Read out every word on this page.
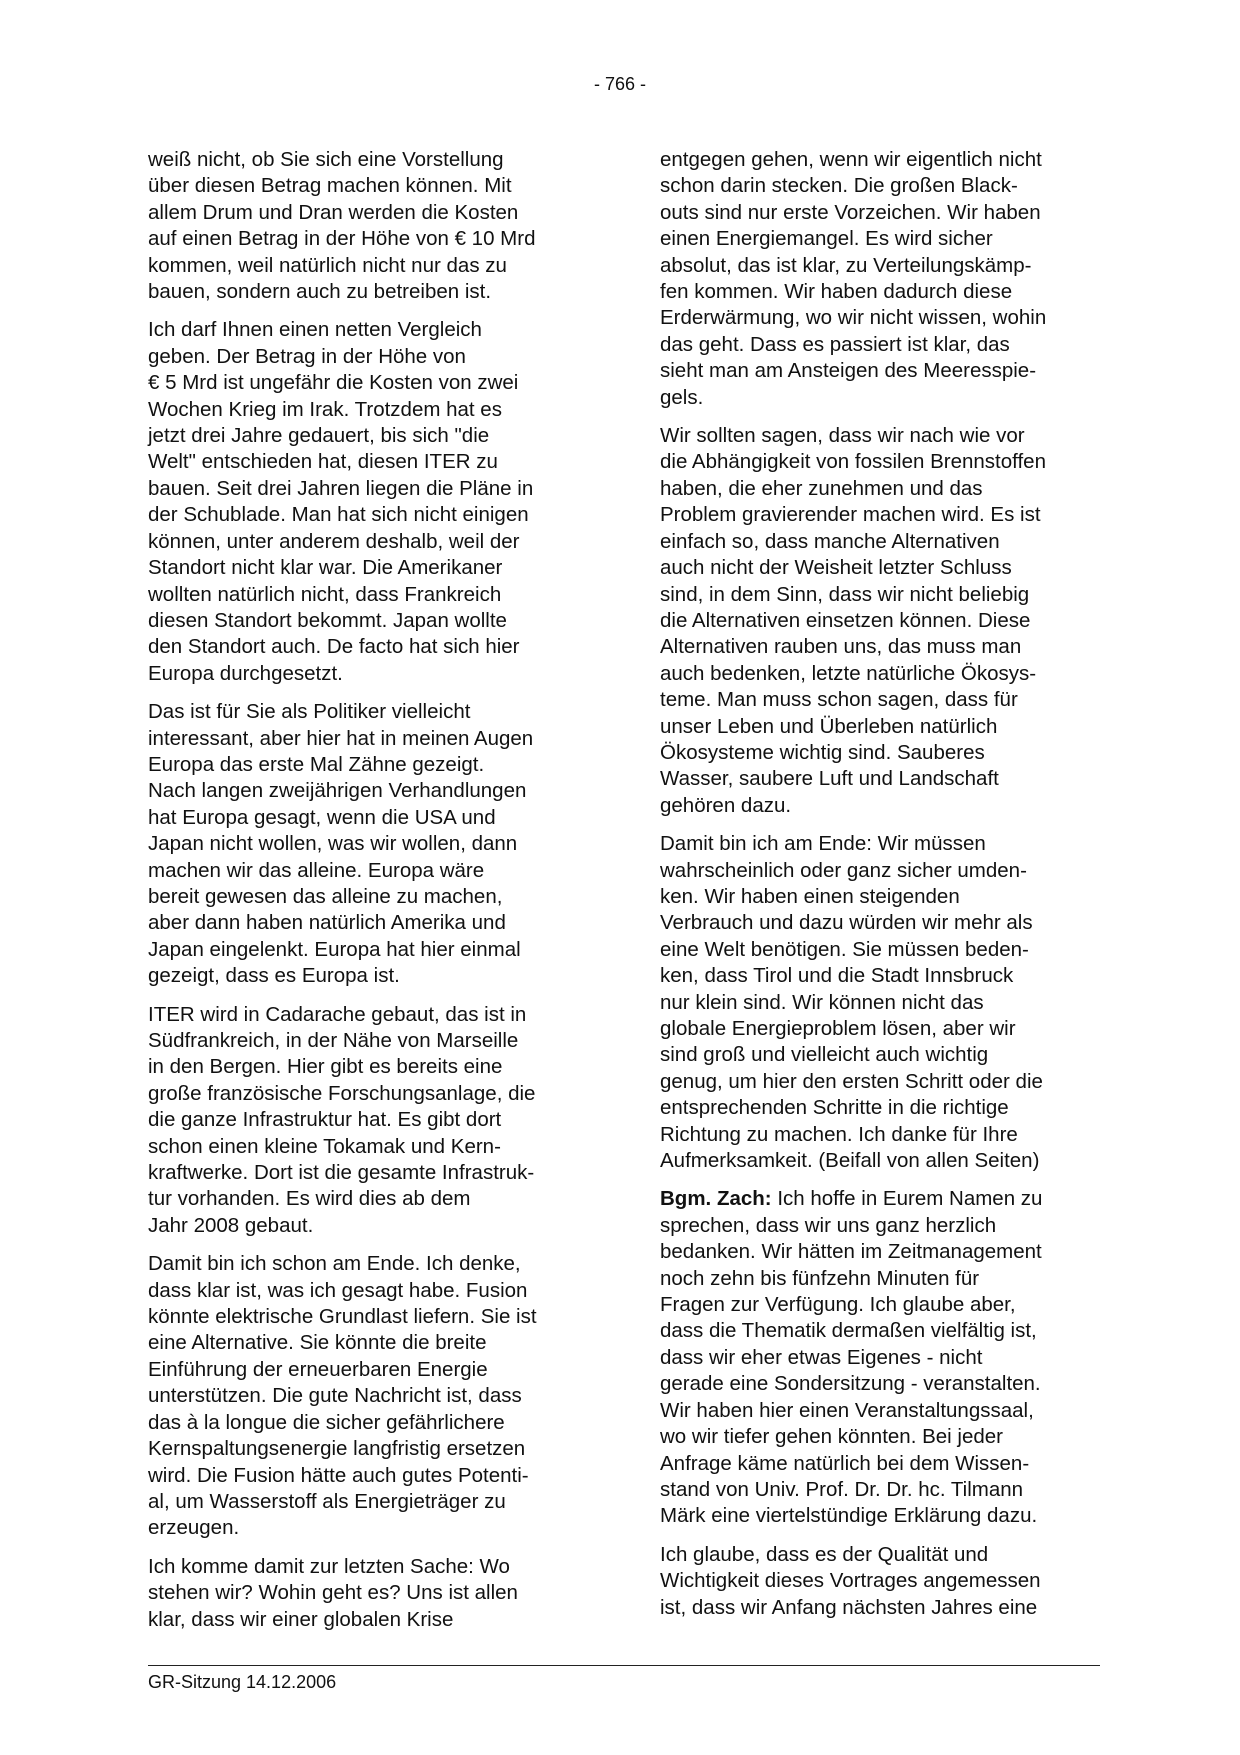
- 766 -

weiß nicht, ob Sie sich eine Vorstellung
über diesen Betrag machen können. Mit
allem Drum und Dran werden die Kosten
auf einen Betrag in der Höhe von € 10 Mrd
kommen, weil natürlich nicht nur das zu
bauen, sondern auch zu betreiben ist.

Ich darf Ihnen einen netten Vergleich
geben. Der Betrag in der Höhe von
€ 5 Mrd ist ungefähr die Kosten von zwei
Wochen Krieg im Irak. Trotzdem hat es
jetzt drei Jahre gedauert, bis sich "die
Welt" entschieden hat, diesen ITER zu
bauen. Seit drei Jahren liegen die Pläne in
der Schublade. Man hat sich nicht einigen
können, unter anderem deshalb, weil der
Standort nicht klar war. Die Amerikaner
wollten natürlich nicht, dass Frankreich
diesen Standort bekommt. Japan wollte
den Standort auch. De facto hat sich hier
Europa durchgesetzt.

Das ist für Sie als Politiker vielleicht
interessant, aber hier hat in meinen Augen
Europa das erste Mal Zähne gezeigt.
Nach langen zweijährigen Verhandlungen
hat Europa gesagt, wenn die USA und
Japan nicht wollen, was wir wollen, dann
machen wir das alleine. Europa wäre
bereit gewesen das alleine zu machen,
aber dann haben natürlich Amerika und
Japan eingelenkt. Europa hat hier einmal
gezeigt, dass es Europa ist.

ITER wird in Cadarache gebaut, das ist in
Südfrankreich, in der Nähe von Marseille
in den Bergen. Hier gibt es bereits eine
große französische Forschungsanlage, die
die ganze Infrastruktur hat. Es gibt dort
schon einen kleine Tokamak und Kern-
kraftwerke. Dort ist die gesamte Infrastruk-
tur vorhanden. Es wird dies ab dem
Jahr 2008 gebaut.

Damit bin ich schon am Ende. Ich denke,
dass klar ist, was ich gesagt habe. Fusion
könnte elektrische Grundlast liefern. Sie ist
eine Alternative. Sie könnte die breite
Einführung der erneuerbaren Energie
unterstützen. Die gute Nachricht ist, dass
das à la longue die sicher gefährlichere
Kernspaltungsenergie langfristig ersetzen
wird. Die Fusion hätte auch gutes Potenti-
al, um Wasserstoff als Energieträger zu
erzeugen.

Ich komme damit zur letzten Sache: Wo
stehen wir? Wohin geht es? Uns ist allen
klar, dass wir einer globalen Krise

entgegen gehen, wenn wir eigentlich nicht
schon darin stecken. Die großen Black-
outs sind nur erste Vorzeichen. Wir haben
einen Energiemangel. Es wird sicher
absolut, das ist klar, zu Verteilungskämp-
fen kommen. Wir haben dadurch diese
Erderwärmung, wo wir nicht wissen, wohin
das geht. Dass es passiert ist klar, das
sieht man am Ansteigen des Meeresspie-
gels.

Wir sollten sagen, dass wir nach wie vor
die Abhängigkeit von fossilen Brennstoffen
haben, die eher zunehmen und das
Problem gravierender machen wird. Es ist
einfach so, dass manche Alternativen
auch nicht der Weisheit letzter Schluss
sind, in dem Sinn, dass wir nicht beliebig
die Alternativen einsetzen können. Diese
Alternativen rauben uns, das muss man
auch bedenken, letzte natürliche Ökosys-
teme. Man muss schon sagen, dass für
unser Leben und Überleben natürlich
Ökosysteme wichtig sind. Sauberes
Wasser, saubere Luft und Landschaft
gehören dazu.

Damit bin ich am Ende: Wir müssen
wahrscheinlich oder ganz sicher umden-
ken. Wir haben einen steigenden
Verbrauch und dazu würden wir mehr als
eine Welt benötigen. Sie müssen beden-
ken, dass Tirol und die Stadt Innsbruck
nur klein sind. Wir können nicht das
globale Energieproblem lösen, aber wir
sind groß und vielleicht auch wichtig
genug, um hier den ersten Schritt oder die
entsprechenden Schritte in die richtige
Richtung zu machen. Ich danke für Ihre
Aufmerksamkeit. (Beifall von allen Seiten)

Bgm. Zach: Ich hoffe in Eurem Namen zu
sprechen, dass wir uns ganz herzlich
bedanken. Wir hätten im Zeitmanagement
noch zehn bis fünfzehn Minuten für
Fragen zur Verfügung. Ich glaube aber,
dass die Thematik dermaßen vielfältig ist,
dass wir eher etwas Eigenes - nicht
gerade eine Sondersitzung - veranstalten.
Wir haben hier einen Veranstaltungssaal,
wo wir tiefer gehen könnten. Bei jeder
Anfrage käme natürlich bei dem Wissen-
stand von Univ. Prof. Dr. Dr. hc. Tilmann
Märk eine viertelstündige Erklärung dazu.

Ich glaube, dass es der Qualität und
Wichtigkeit dieses Vortrages angemessen
ist, dass wir Anfang nächsten Jahres eine

GR-Sitzung 14.12.2006
